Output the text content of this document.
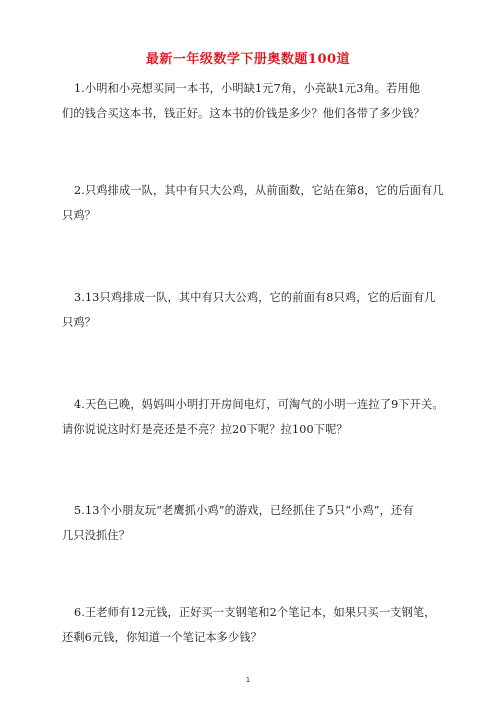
最新一年级数学下册奥数题100道
1.小明和小亮想买同一本书，小明缺1元7角，小亮缺1元3角。若用他
们的钱合买这本书，钱正好。这本书的价钱是多少？他们各带了多少钱？
2.只鸡排成一队，其中有只大公鸡，从前面数，它站在第8，它的后面有几
只鸡？
3.13只鸡排成一队，其中有只大公鸡，它的前面有8只鸡，它的后面有几
只鸡？
4.天色已晚，妈妈叫小明打开房间电灯，可淘气的小明一连拉了9下开关。
请你说说这时灯是亮还是不亮？拉20下呢？拉100下呢？
5.13个小朋友玩“老鹰抓小鸡”的游戏，已经抓住了5只“小鸡”，还有
几只没抓住？
6.王老师有12元钱，正好买一支钢笔和2个笔记本，如果只买一支钢笔，
还剩6元钱，你知道一个笔记本多少钱？
1
